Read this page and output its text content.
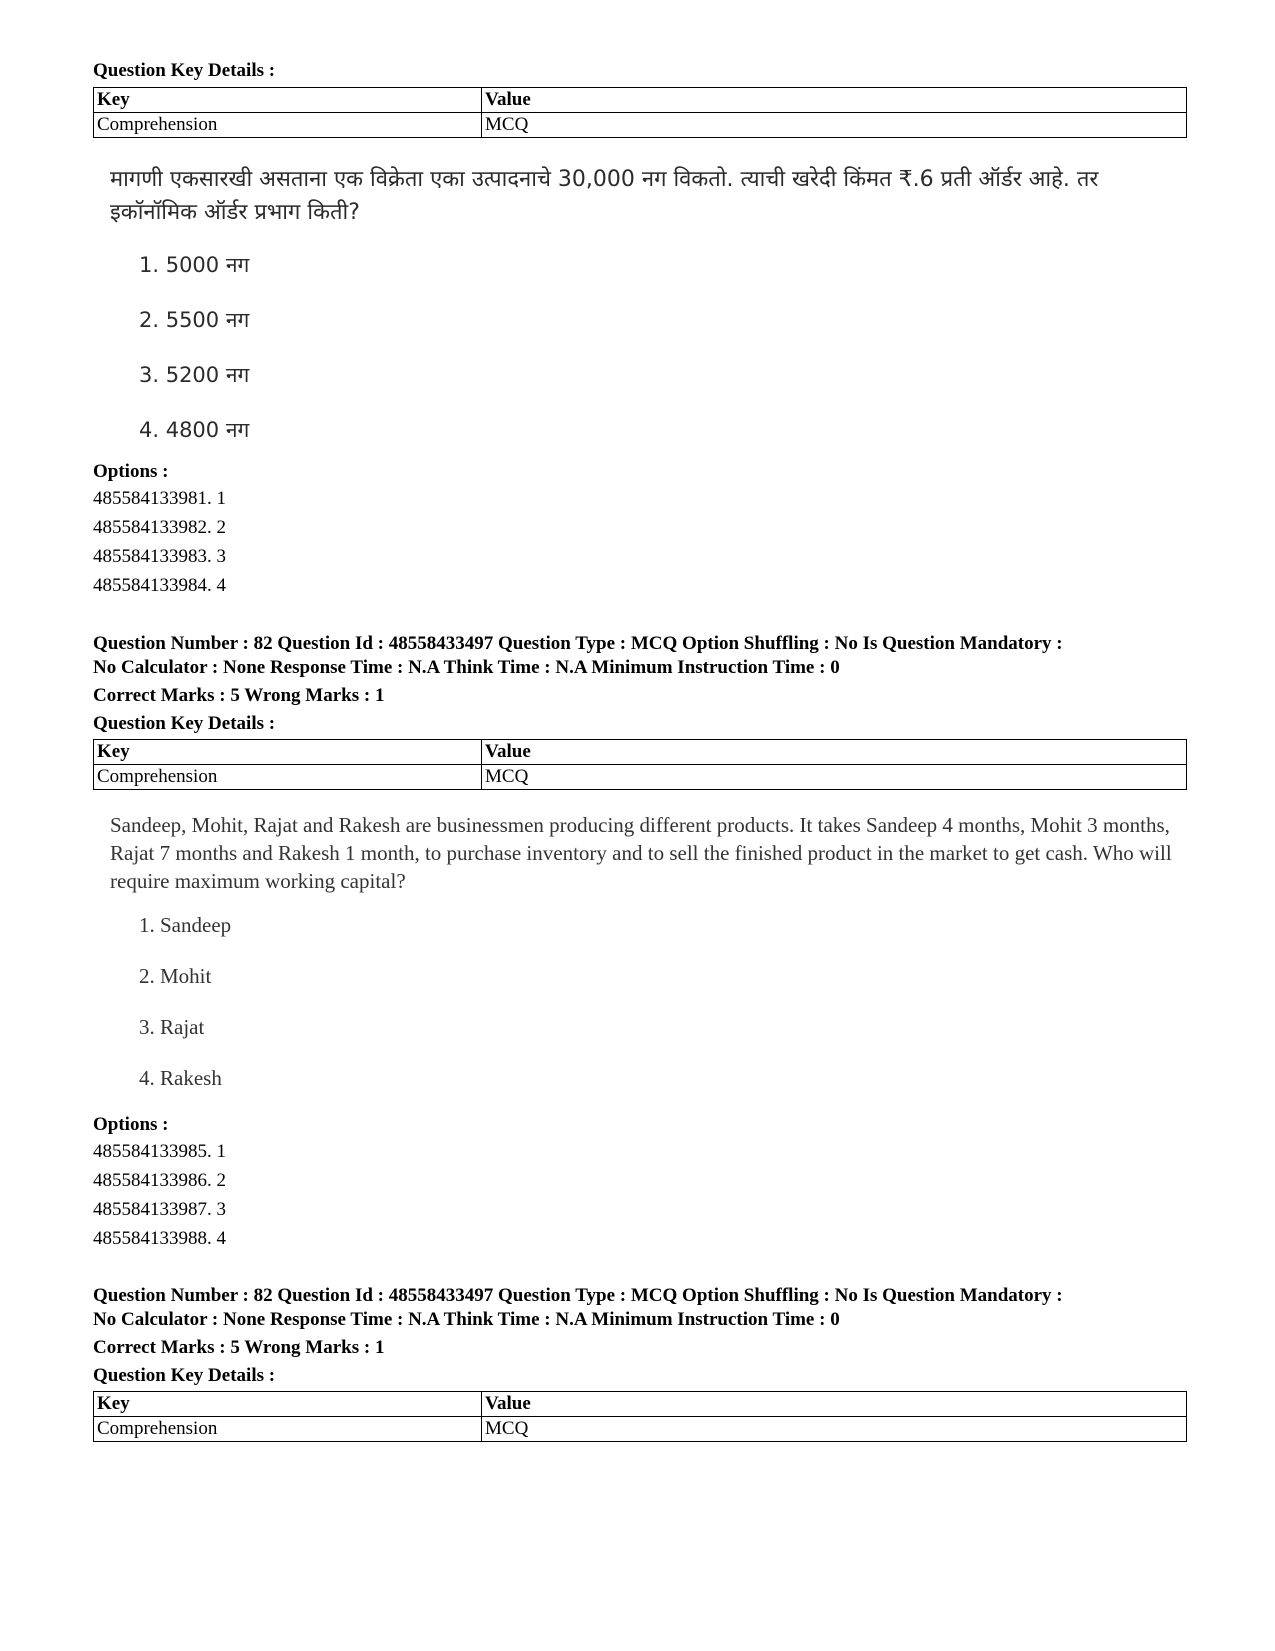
Question Key Details :
Key	Value
Comprehension	MCQ
मागणी एकसारखी असताना एक विक्रेता एका उत्पादनाचे 30,000 नग विकतो. त्याची खरेदी किंमत ₹.6 प्रती ऑर्डर आहे. तर इकॉनॉमिक ऑर्डर प्रभाग किती?
1. 5000 नग
2. 5500 नग
3. 5200 नग
4. 4800 नग
Options :
485584133981. 1
485584133982. 2
485584133983. 3
485584133984. 4
Question Number : 82 Question Id : 48558433497 Question Type : MCQ Option Shuffling : No Is Question Mandatory :
No Calculator : None Response Time : N.A Think Time : N.A Minimum Instruction Time : 0
Correct Marks : 5 Wrong Marks : 1
Question Key Details :
Key	Value
Comprehension	MCQ
Sandeep, Mohit, Rajat and Rakesh are businessmen producing different products. It takes Sandeep 4 months, Mohit 3 months, Rajat 7 months and Rakesh 1 month, to purchase inventory and to sell the finished product in the market to get cash. Who will require maximum working capital?
1. Sandeep
2. Mohit
3. Rajat
4. Rakesh
Options :
485584133985. 1
485584133986. 2
485584133987. 3
485584133988. 4
Question Number : 82 Question Id : 48558433497 Question Type : MCQ Option Shuffling : No Is Question Mandatory :
No Calculator : None Response Time : N.A Think Time : N.A Minimum Instruction Time : 0
Correct Marks : 5 Wrong Marks : 1
Question Key Details :
Key	Value
Comprehension	MCQ
